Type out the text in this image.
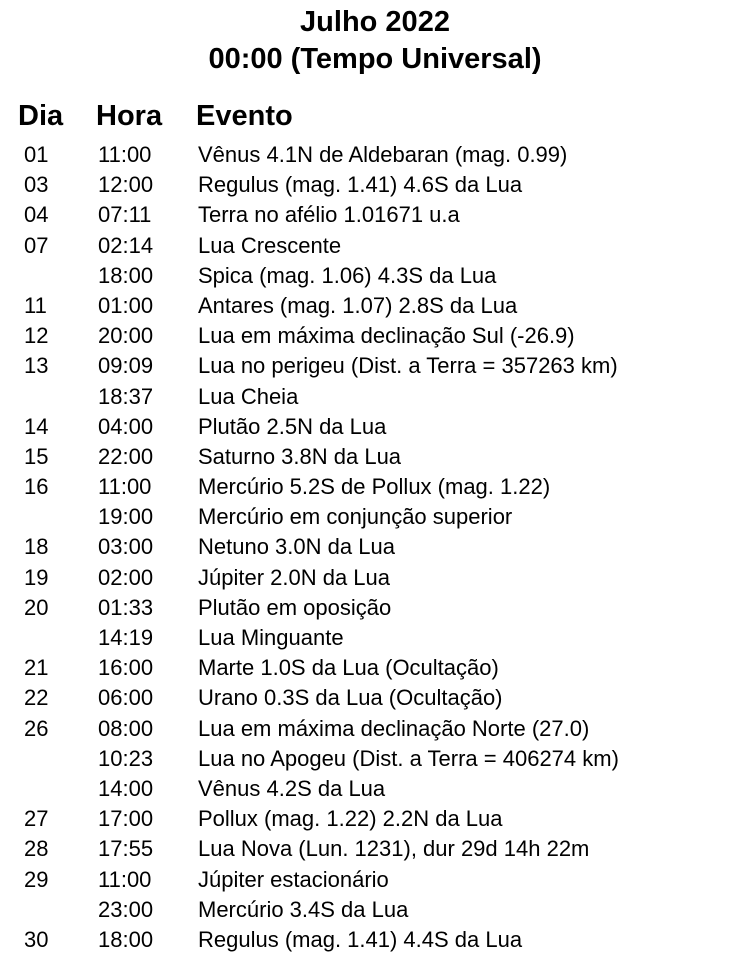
Julho 2022
00:00 (Tempo Universal)
Dia Hora Evento
01 11:00 Vênus 4.1N de Aldebaran (mag. 0.99)
03 12:00 Regulus (mag. 1.41) 4.6S da Lua
04 07:11 Terra no afélio 1.01671 u.a
07 02:14 Lua Crescente
18:00 Spica (mag. 1.06) 4.3S da Lua
11 01:00 Antares (mag. 1.07) 2.8S da Lua
12 20:00 Lua em máxima declinação Sul (-26.9)
13 09:09 Lua no perigeu (Dist. a Terra = 357263 km)
18:37 Lua Cheia
14 04:00 Plutão 2.5N da Lua
15 22:00 Saturno 3.8N da Lua
16 11:00 Mercúrio 5.2S de Pollux (mag. 1.22)
19:00 Mercúrio em conjunção superior
18 03:00 Netuno 3.0N da Lua
19 02:00 Júpiter 2.0N da Lua
20 01:33 Plutão em oposição
14:19 Lua Minguante
21 16:00 Marte 1.0S da Lua (Ocultação)
22 06:00 Urano 0.3S da Lua (Ocultação)
26 08:00 Lua em máxima declinação Norte (27.0)
10:23 Lua no Apogeu (Dist. a Terra = 406274 km)
14:00 Vênus 4.2S da Lua
27 17:00 Pollux (mag. 1.22) 2.2N da Lua
28 17:55 Lua Nova (Lun. 1231), dur 29d 14h 22m
29 11:00 Júpiter estacionário
23:00 Mercúrio 3.4S da Lua
30 18:00 Regulus (mag. 1.41) 4.4S da Lua
